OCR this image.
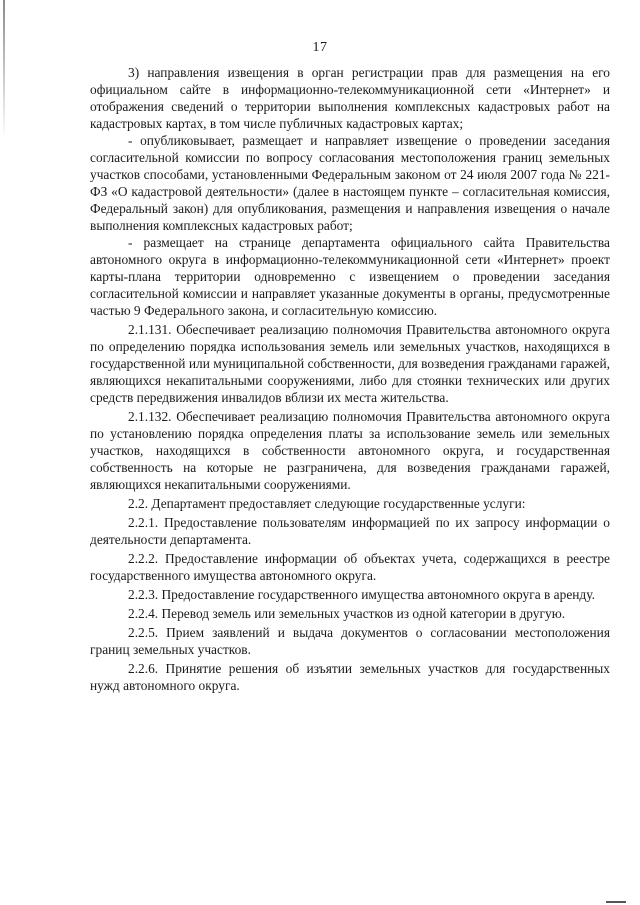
17

3) направления извещения в орган регистрации прав для размещения на его официальном сайте в информационно-телекоммуникационной сети «Интернет» и отображения сведений о территории выполнения комплексных кадастровых работ на кадастровых картах, в том числе публичных кадастровых картах;

- опубликовывает, размещает и направляет извещение о проведении заседания согласительной комиссии по вопросу согласования местоположения границ земельных участков способами, установленными Федеральным законом от 24 июля 2007 года № 221-ФЗ «О кадастровой деятельности» (далее в настоящем пункте – согласительная комиссия, Федеральный закон) для опубликования, размещения и направления извещения о начале выполнения комплексных кадастровых работ;

- размещает на странице департамента официального сайта Правительства автономного округа в информационно-телекоммуникационной сети «Интернет» проект карты-плана территории одновременно с извещением о проведении заседания согласительной комиссии и направляет указанные документы в органы, предусмотренные частью 9 Федерального закона, и согласительную комиссию.

2.1.131. Обеспечивает реализацию полномочия Правительства автономного округа по определению порядка использования земель или земельных участков, находящихся в государственной или муниципальной собственности, для возведения гражданами гаражей, являющихся некапитальными сооружениями, либо для стоянки технических или других средств передвижения инвалидов вблизи их места жительства.

2.1.132. Обеспечивает реализацию полномочия Правительства автономного округа по установлению порядка определения платы за использование земель или земельных участков, находящихся в собственности автономного округа, и государственная собственность на которые не разграничена, для возведения гражданами гаражей, являющихся некапитальными сооружениями.

2.2. Департамент предоставляет следующие государственные услуги:

2.2.1. Предоставление пользователям информацией по их запросу информации о деятельности департамента.

2.2.2. Предоставление информации об объектах учета, содержащихся в реестре государственного имущества автономного округа.

2.2.3. Предоставление государственного имущества автономного округа в аренду.

2.2.4. Перевод земель или земельных участков из одной категории в другую.

2.2.5. Прием заявлений и выдача документов о согласовании местоположения границ земельных участков.

2.2.6. Принятие решения об изъятии земельных участков для государственных нужд автономного округа.
